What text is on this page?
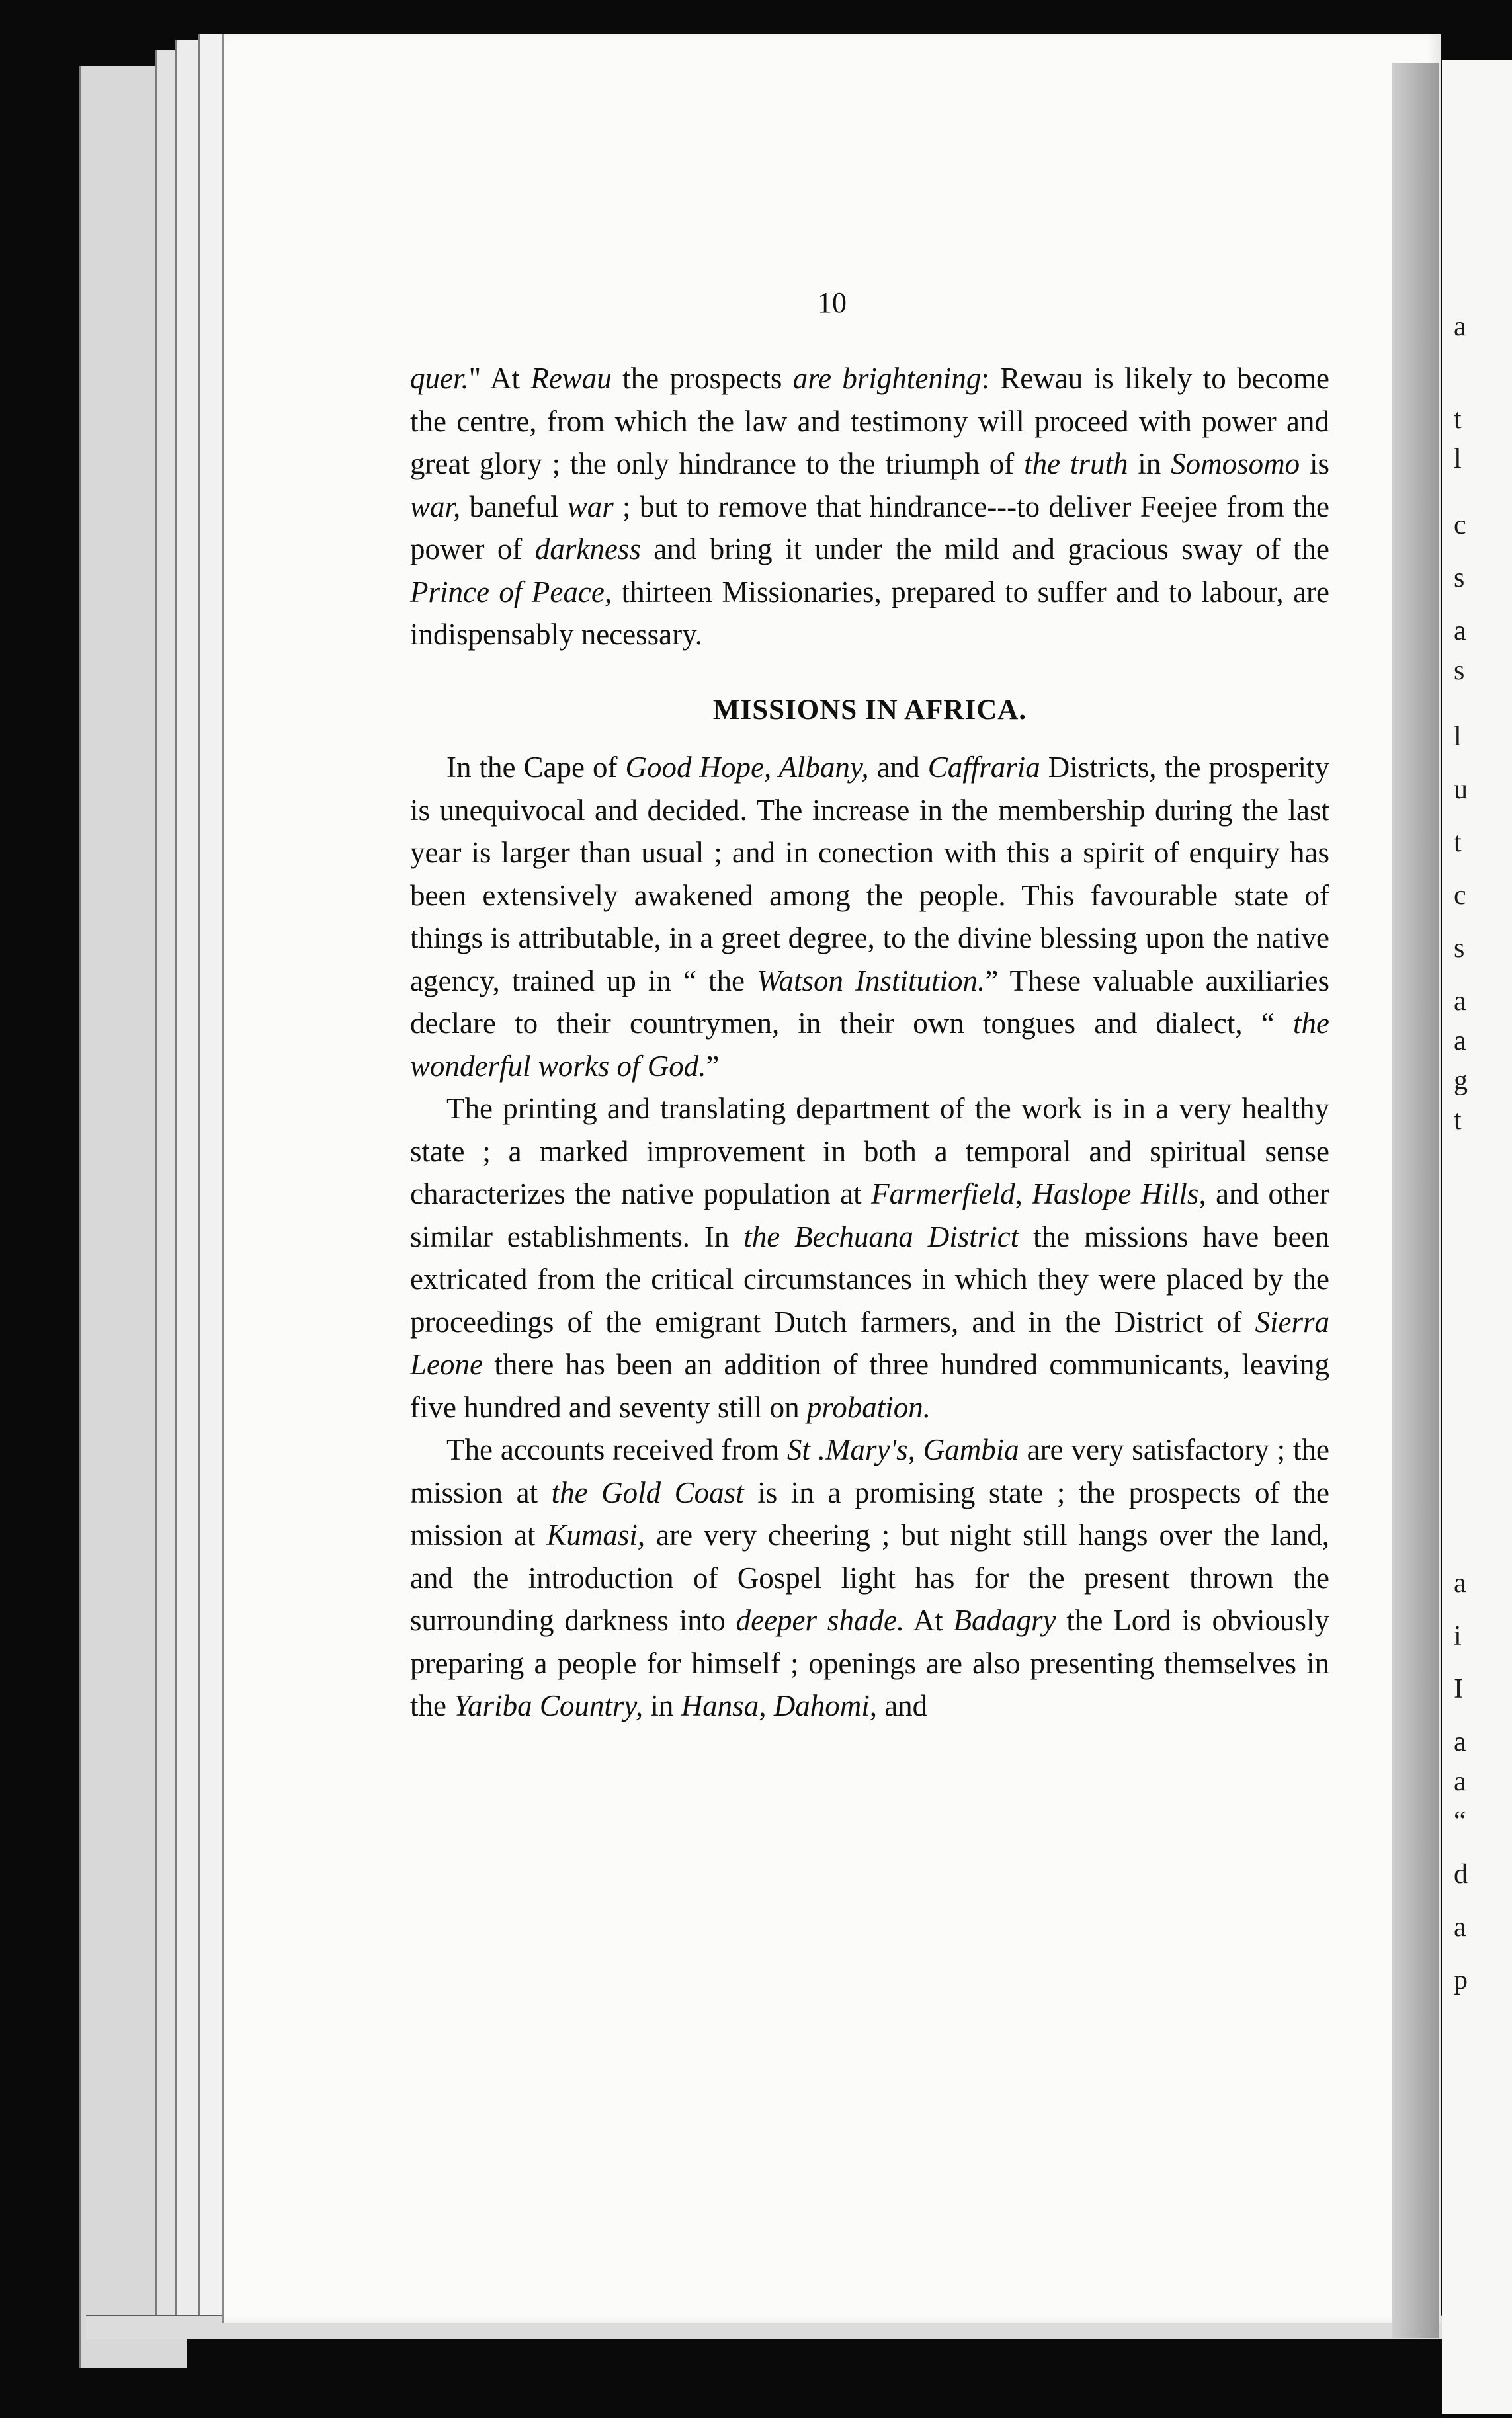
a
t
l
c
s
a
s
l
u
t
c
s
a
a
g
t
a
i
I
a
a
“
d
a
p
10

quer." At Rewau the prospects are brightening: Rewau is likely to become the centre, from which the law and testimony will proceed with power and great glory ; the only hindrance to the triumph of the truth in Somosomo is war, baneful war ; but to remove that hindrance---to deliver Feejee from the power of darkness and bring it under the mild and gracious sway of the Prince of Peace, thirteen Missionaries, prepared to suffer and to labour, are indispensably necessary.

MISSIONS IN AFRICA.

In the Cape of Good Hope, Albany, and Caffraria Districts, the prosperity is unequivocal and decided. The increase in the membership during the last year is larger than usual ; and in conection with this a spirit of enquiry has been extensively awakened among the people. This favourable state of things is attributable, in a greet degree, to the divine blessing upon the native agency, trained up in “ the Watson Institution.” These valuable auxiliaries declare to their countrymen, in their own tongues and dialect, “ the wonderful works of God.”

The printing and translating department of the work is in a very healthy state ; a marked improvement in both a temporal and spiritual sense characterizes the native population at Farmerfield, Haslope Hills, and other similar establishments. In the Bechuana District the missions have been extricated from the critical circumstances in which they were placed by the proceedings of the emigrant Dutch farmers, and in the District of Sierra Leone there has been an addition of three hundred communicants, leaving five hundred and seventy still on probation.

The accounts received from St .Mary's, Gambia are very satisfactory ; the mission at the Gold Coast is in a promising state ; the prospects of the mission at Kumasi, are very cheering ; but night still hangs over the land, and the introduction of Gospel light has for the present thrown the surrounding darkness into deeper shade. At Badagry the Lord is obviously preparing a people for himself ; openings are also presenting themselves in the Yariba Country, in Hansa, Dahomi, and
